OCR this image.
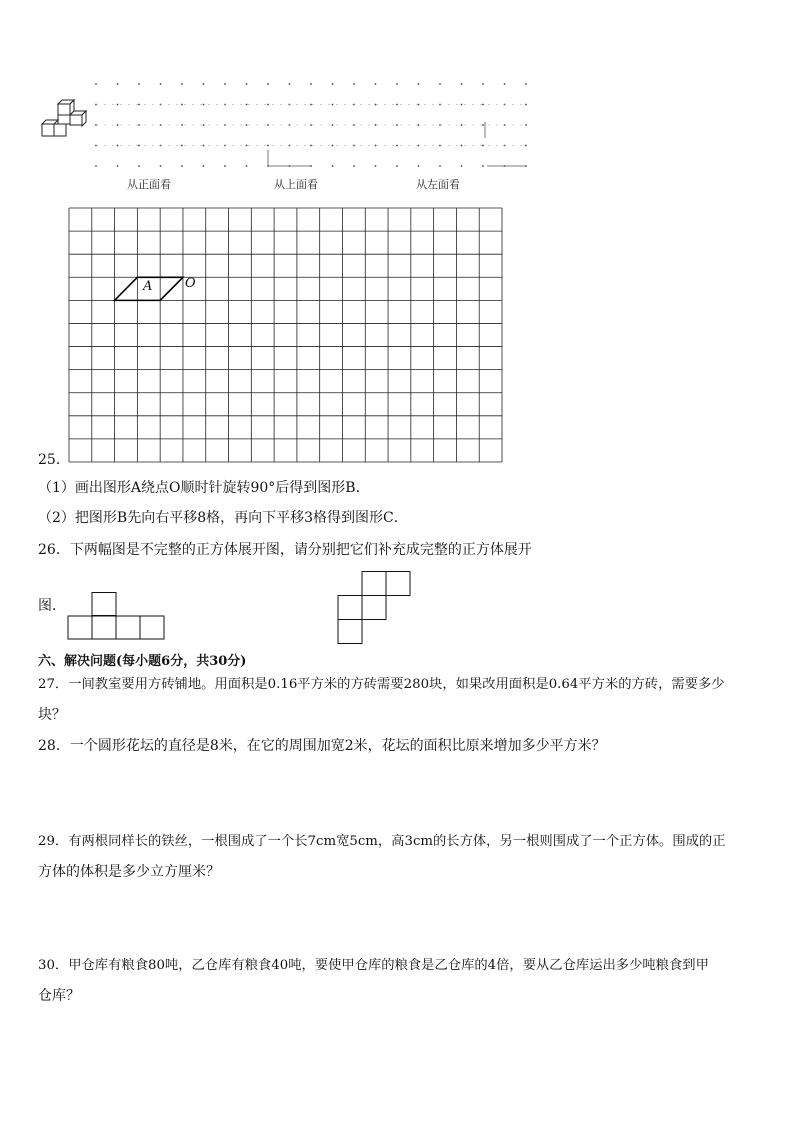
从正面看	从上面看	从左面看
A	O
25．
（1）画出图形A绕点O顺时针旋转90°后得到图形B．
（2）把图形B先向右平移8格，再向下平移3格得到图形C．
26．下两幅图是不完整的正方体展开图，请分别把它们补充成完整的正方体展开
图．
六、解决问题(每小题6分，共30分)
27．一间教室要用方砖铺地。用面积是0.16平方米的方砖需要280块，如果改用面积是0.64平方米的方砖，需要多少
块？
28．一个圆形花坛的直径是8米，在它的周围加宽2米，花坛的面积比原来增加多少平方米？
29．有两根同样长的铁丝，一根围成了一个长7cm宽5cm，高3cm的长方体，另一根则围成了一个正方体。围成的正
方体的体积是多少立方厘米？
30．甲仓库有粮食80吨，乙仓库有粮食40吨，要使甲仓库的粮食是乙仓库的4倍，要从乙仓库运出多少吨粮食到甲
仓库？
